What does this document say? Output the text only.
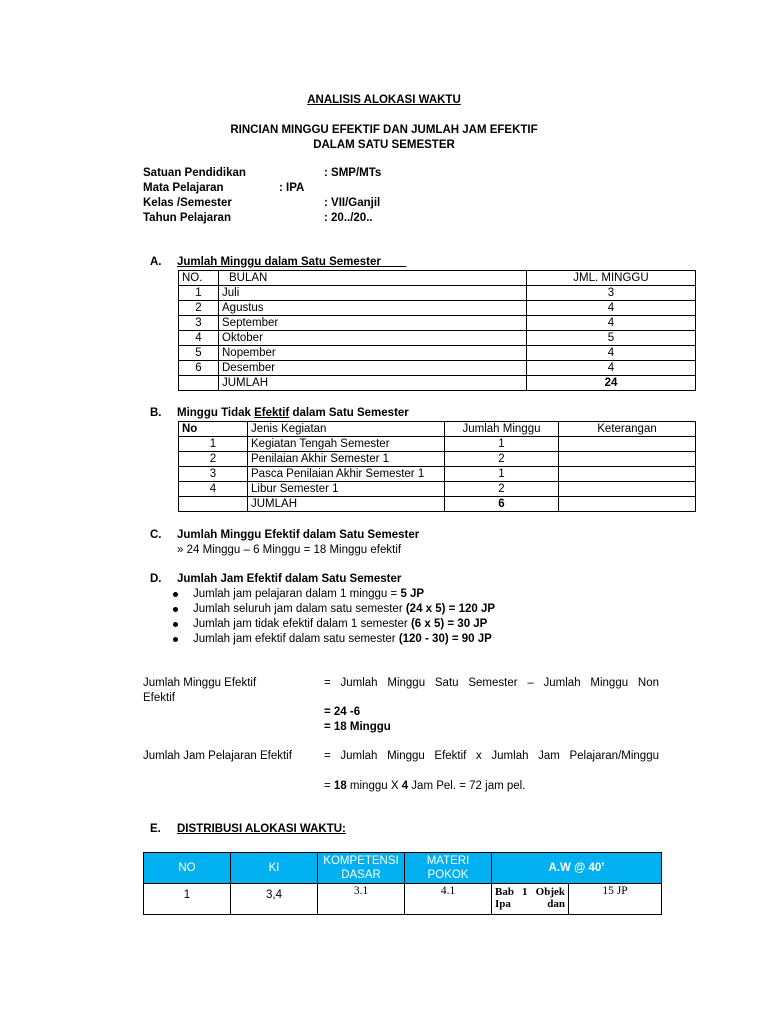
ANALISIS ALOKASI WAKTU
RINCIAN MINGGU EFEKTIF DAN JUMLAH JAM EFEKTIF
DALAM SATU SEMESTER
Satuan Pendidikan	: SMP/MTs
Mata Pelajaran	: IPA
Kelas /Semester	: VII/Ganjil
Tahun Pelajaran	: 20../20..
A. Jumlah Minggu dalam Satu Semester
NO.	BULAN	JML. MINGGU
1	Juli	3
2	Agustus	4
3	September	4
4	Oktober	5
5	Nopember	4
6	Desember	4
	JUMLAH	24
B. Minggu Tidak Efektif dalam Satu Semester
No	Jenis Kegiatan	Jumlah Minggu	Keterangan
1	Kegiatan Tengah Semester	1	
2	Penilaian Akhir Semester 1	2	
3	Pasca Penilaian Akhir Semester 1	1	
4	Libur Semester 1	2	
	JUMLAH	6	
C. Jumlah Minggu Efektif dalam Satu Semester
» 24 Minggu – 6 Minggu = 18 Minggu efektif
D. Jumlah Jam Efektif dalam Satu Semester
Jumlah jam pelajaran dalam 1 minggu = 5 JP
Jumlah seluruh jam dalam satu semester (24 x 5) = 120 JP
Jumlah jam tidak efektif dalam 1 semester (6 x 5) = 30 JP
Jumlah jam efektif dalam satu semester (120 - 30) = 90 JP
Jumlah Minggu Efektif
Efektif
= Jumlah Minggu Satu Semester – Jumlah Minggu Non
= 24 -6
= 18 Minggu
Jumlah Jam Pelajaran Efektif	= Jumlah Minggu Efektif x Jumlah Jam Pelajaran/Minggu
= 18 minggu X 4 Jam Pel. = 72 jam pel.
E. DISTRIBUSI ALOKASI WAKTU:
NO	KI	KOMPETENSI DASAR	MATERI POKOK	A.W @ 40’	
1	3,4	3.1	4.1	Bab 1 Objek Ipa dan	15 JP
